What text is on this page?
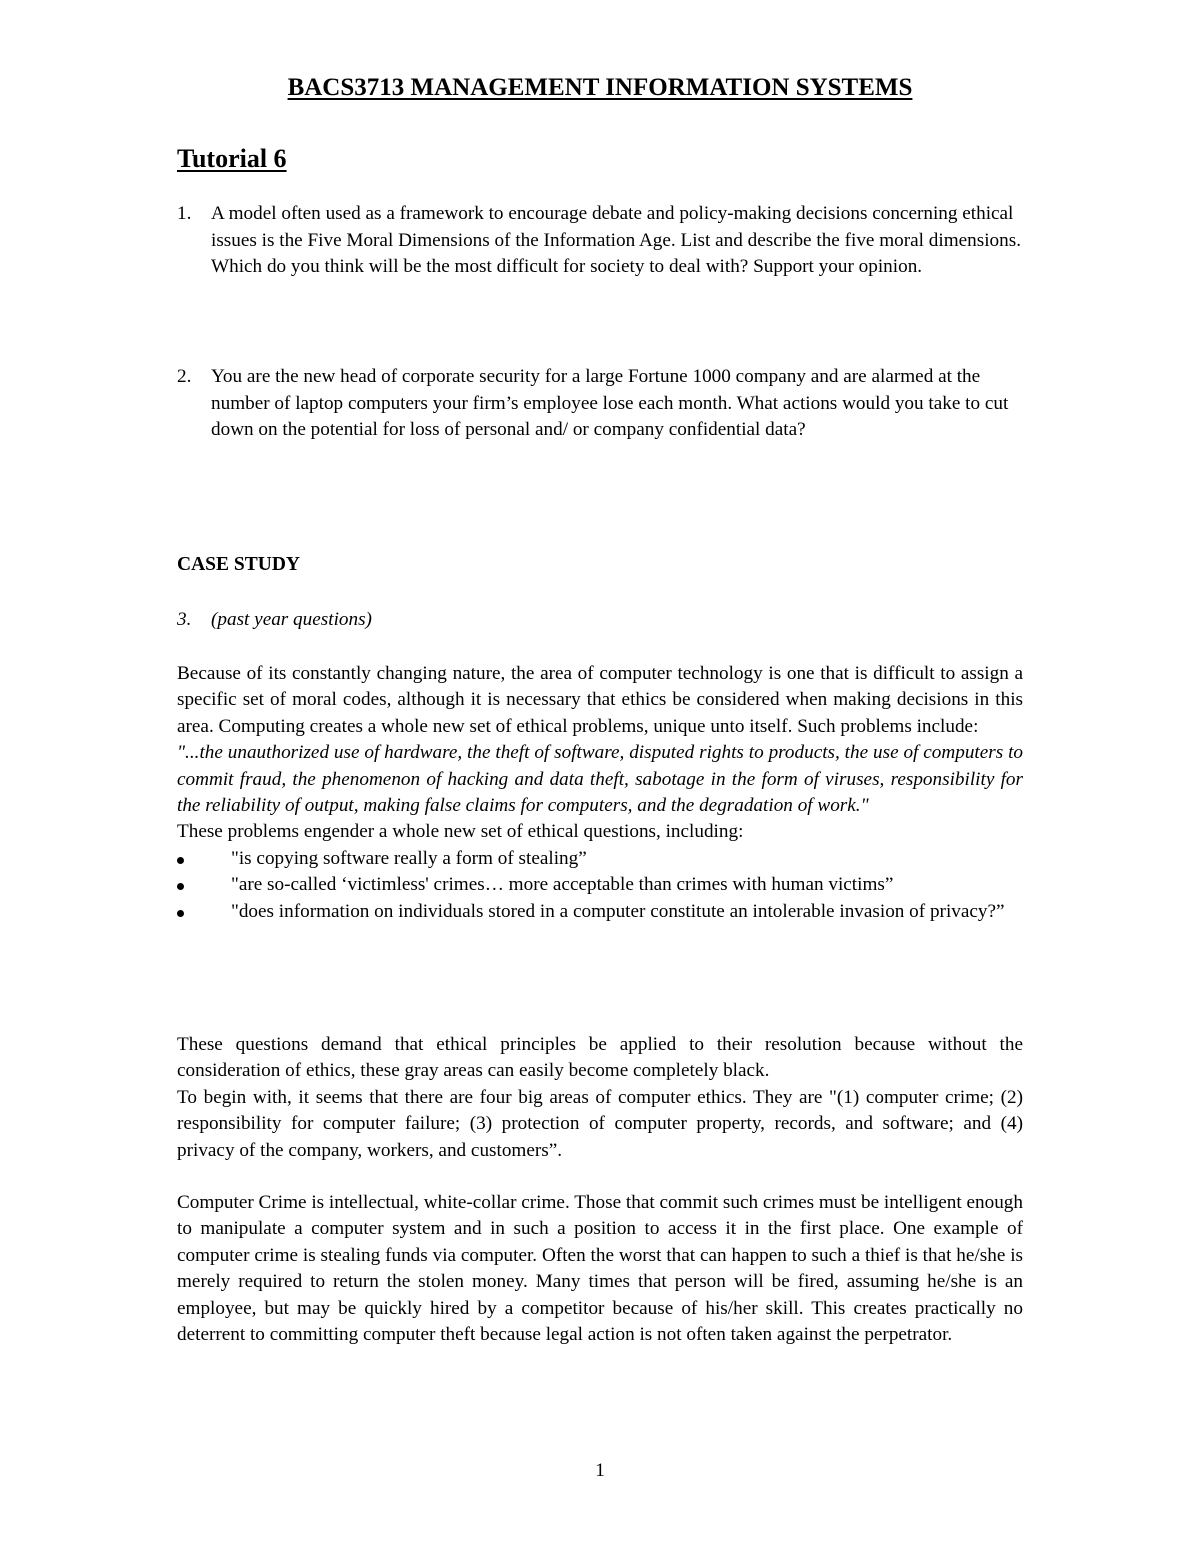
BACS3713 MANAGEMENT INFORMATION SYSTEMS
Tutorial 6
1. A model often used as a framework to encourage debate and policy-making decisions concerning ethical issues is the Five Moral Dimensions of the Information Age. List and describe the five moral dimensions. Which do you think will be the most difficult for society to deal with? Support your opinion.
2. You are the new head of corporate security for a large Fortune 1000 company and are alarmed at the number of laptop computers your firm’s employee lose each month. What actions would you take to cut down on the potential for loss of personal and/ or company confidential data?
CASE STUDY
3. (past year questions)

Because of its constantly changing nature, the area of computer technology is one that is difficult to assign a specific set of moral codes, although it is necessary that ethics be considered when making decisions in this area. Computing creates a whole new set of ethical problems, unique unto itself. Such problems include:

"...the unauthorized use of hardware, the theft of software, disputed rights to products, the use of computers to commit fraud, the phenomenon of hacking and data theft, sabotage in the form of viruses, responsibility for the reliability of output, making false claims for computers, and the degradation of work."

These problems engender a whole new set of ethical questions, including:

"is copying software really a form of stealing”
"are so-called ‘victimless' crimes… more acceptable than crimes with human victims”
"does information on individuals stored in a computer constitute an intolerable invasion of privacy?”

These questions demand that ethical principles be applied to their resolution because without the consideration of ethics, these gray areas can easily become completely black.

To begin with, it seems that there are four big areas of computer ethics. They are "(1) computer crime; (2) responsibility for computer failure; (3) protection of computer property, records, and software; and (4) privacy of the company, workers, and customers”.

Computer Crime is intellectual, white-collar crime. Those that commit such crimes must be intelligent enough to manipulate a computer system and in such a position to access it in the first place. One example of computer crime is stealing funds via computer. Often the worst that can happen to such a thief is that he/she is merely required to return the stolen money. Many times that person will be fired, assuming he/she is an employee, but may be quickly hired by a competitor because of his/her skill. This creates practically no deterrent to committing computer theft because legal action is not often taken against the perpetrator.

1
